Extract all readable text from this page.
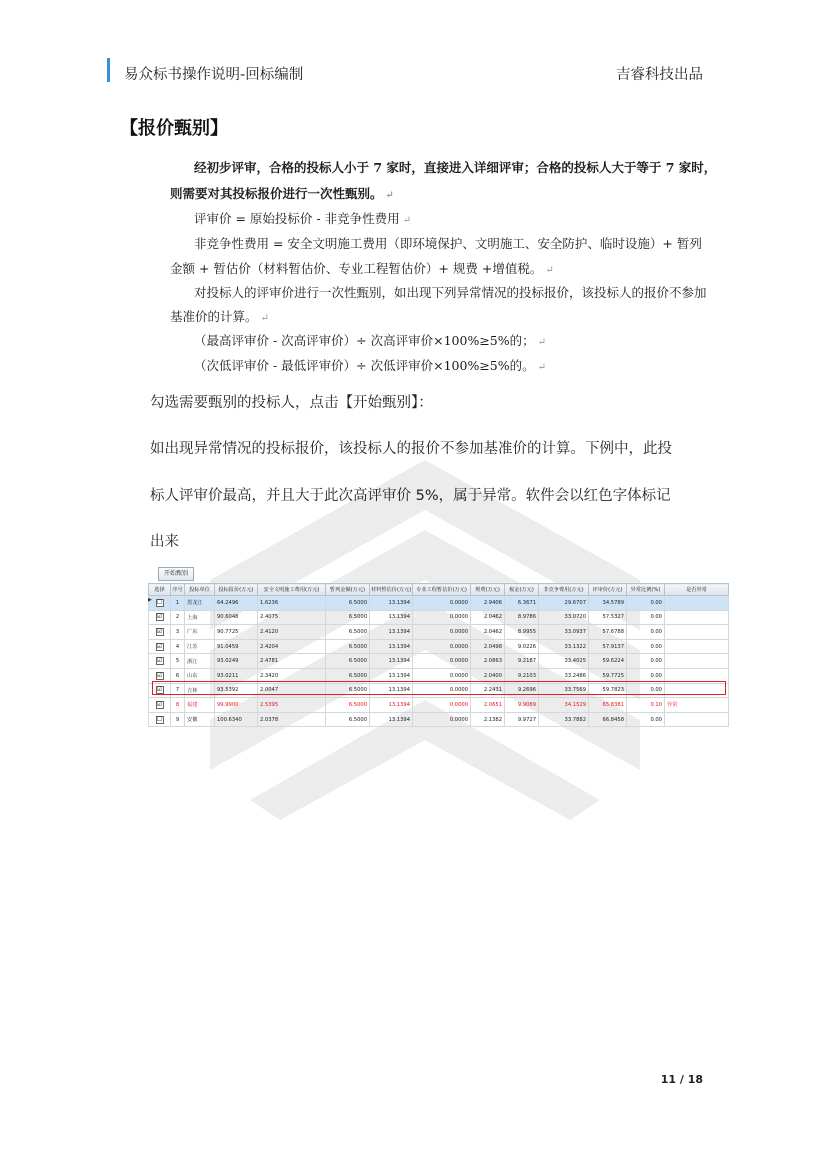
易众标书操作说明-回标编制	吉睿科技出品
【报价甄别】
经初步评审，合格的投标人小于 7 家时，直接进入详细评审；合格的投标人大于等于 7 家时，
则需要对其投标报价进行一次性甄别。 ↵
评审价 = 原始投标价 - 非竞争性费用 ↵
非竞争性费用 = 安全文明施工费用（即环境保护、文明施工、安全防护、临时设施）+ 暂列
金额 + 暂估价（材料暂估价、专业工程暂估价）+ 规费 +增值税。 ↵
对投标人的评审价进行一次性甄别，如出现下列异常情况的投标报价，该投标人的报价不参加
基准价的计算。 ↵
（最高评审价 - 次高评审价）÷ 次高评审价×100%≥5%的； ↵
（次低评审价 - 最低评审价）÷ 次低评审价×100%≥5%的。 ↵
勾选需要甄别的投标人，点击【开始甄别】：
如出现异常情况的投标报价，该投标人的报价不参加基准价的计算。下例中，此投
标人评审价最高，并且大于此次高评审价 5%，属于异常。软件会以红色字体标记
出来
开始甄别
选择	序号	投标单位	投标报价(万元)	安全文明施工费用(万元)	暂列金额(万元)	材料暂估价(万元)	专业工程暂估价(万元)	规费(万元)	税金(万元)	非竞争费用(万元)	评审价(万元)	异常比例(%)	是否异常
☐	1	黑龙江	64.2496	1.6236	6.5000	13.1394	0.0000	2.9406	6.3671	29.6707	34.5789	0.00	
☑	2	上海	90.6048	2.4075	6.5000	13.1394	0.0000	2.0462	8.9786	33.0720	57.5327	0.00	
☑	3	广东	90.7725	2.4120	6.5000	13.1394	0.0000	2.0462	8.9955	33.0937	57.6788	0.00	
☑	4	江苏	91.0459	2.4204	6.5000	13.1394	0.0000	2.0498	9.0226	33.1322	57.9137	0.00	
☑	5	浙江	93.0249	2.4781	6.5000	13.1394	0.0000	2.0863	9.2187	33.4025	59.6224	0.00	
☑	6	山东	93.0211	2.3420	6.5000	13.1394	0.0000	2.0400	9.2103	33.2486	59.7725	0.00	
☑	7	吉林	93.5392	2.0047	6.5000	13.1394	0.0000	2.2431	9.2696	33.7569	59.7823	0.00	
☑	8	福建	99.9900	2.5395	6.5000	13.1394	0.0000	2.0651	9.9089	34.1529	65.8381	0.10	异常
☐	9	安徽	100.6340	2.0378	6.5000	13.1394	0.0000	2.1382	9.9727	33.7882	66.8458	0.00	
▶
11 / 18
